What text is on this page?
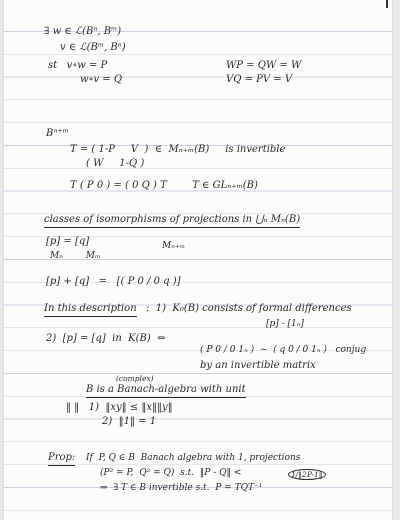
∃ w ∈ ℒ(Bⁿ, Bᵐ)
v ∈ ℒ(Bᵐ, Bⁿ)
st   v∘w = P	WP = QW = W
w∘v = Q	VQ = PV = V
Bⁿ⁺ᵐ
T = ( 1-P     V  )  ∈  Mₙ₊ₘ(B)     is invertible
( W     1-Q )
T ( P 0 ) = ( 0 Q ) T        T ∈ GLₙ₊ₘ(B)
classes of isomorphisms of projections in ⋃ₙ Mₙ(B)
[p] = [q]	Mₙ₊ₘ
Mₙ        Mₘ
[p] + [q]   =   [( P 0 / 0 q )]
In this description :  1)  K₀(B) consists of formal differences
[p] - [1ₙ]
2)  [p] = [q]  in  K(B)  ⇔
( P 0 / 0 1ₙ )  ~  ( q 0 / 0 1ₙ )   conjug
by an invertible matrix
(complex)
B is a Banach-algebra with unit
‖ ‖   1)  ‖xy‖ ≤ ‖x‖‖y‖
2)  ‖1‖ = 1
Prop: If  P, Q ∈ B  Banach algebra with 1, projections
(P² = P,  Q² = Q)  s.t.  ‖P - Q‖ <	1/‖2P-1‖
⇒  ∃ T ∈ B invertible s.t.  P = TQT⁻¹
